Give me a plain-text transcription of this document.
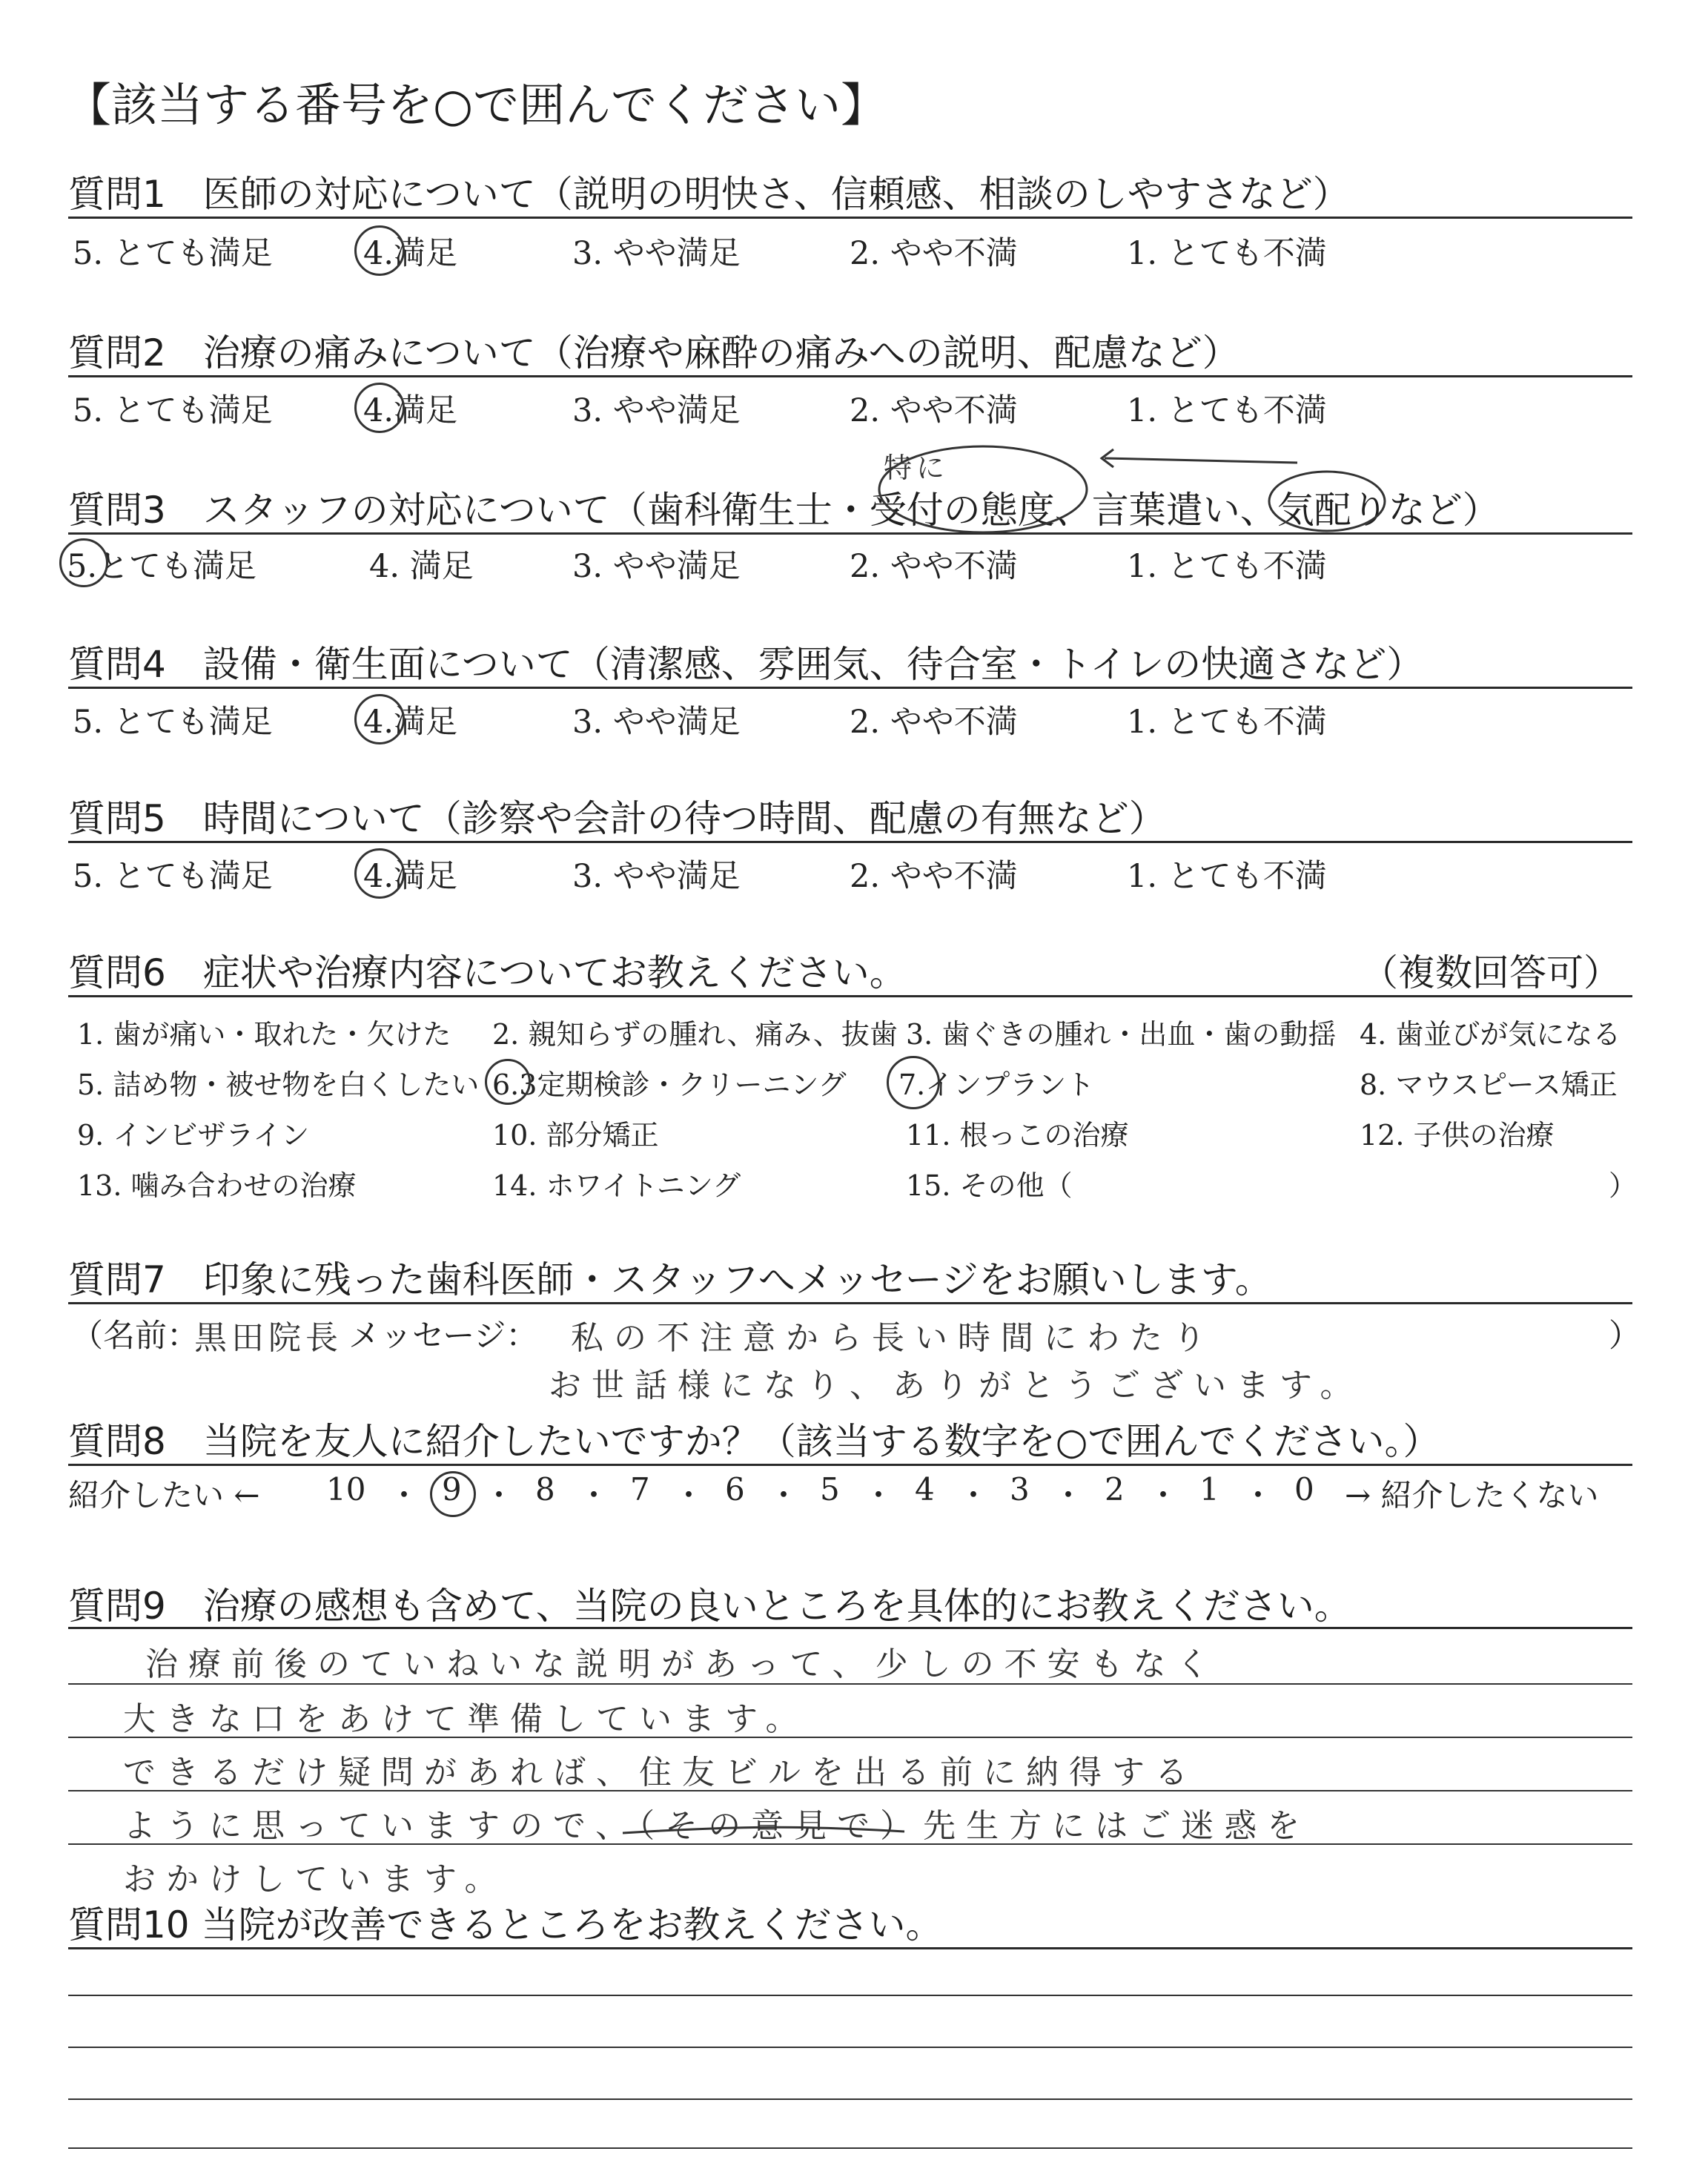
【該当する番号を○で囲んでください】
質問1　医師の対応について（説明の明快さ、信頼感、相談のしやすさなど）
5. とても満足	4.満足	3. やや満足	2. やや不満	1. とても不満
質問2　治療の痛みについて（治療や麻酔の痛みへの説明、配慮など）
5. とても満足	4.満足	3. やや満足	2. やや不満	1. とても不満
特に
質問3　スタッフの対応について（歯科衛生士・受付の態度、言葉遣い、気配りなど）
5.とても満足	4. 満足	3. やや満足	2. やや不満	1. とても不満
質問4　設備・衛生面について（清潔感、雰囲気、待合室・トイレの快適さなど）
5. とても満足	4.満足	3. やや満足	2. やや不満	1. とても不満
質問5　時間について（診察や会計の待つ時間、配慮の有無など）
5. とても満足	4.満足	3. やや満足	2. やや不満	1. とても不満
質問6　症状や治療内容についてお教えください。	（複数回答可）
1. 歯が痛い・取れた・欠けた 2. 親知らずの腫れ、痛み、抜歯 3. 歯ぐきの腫れ・出血・歯の動揺 4. 歯並びが気になる
5. 詰め物・被せ物を白くしたい 6.3定期検診・クリーニング 7.インプラント	8. マウスピース矯正
9. インビザライン	10. 部分矯正	11. 根っこの治療	12. 子供の治療
13. 噛み合わせの治療	14. ホワイトニング	15. その他（	）
質問7　印象に残った歯科医師・スタッフへメッセージをお願いします。
（名前：
黒田院長 メッセージ： 私の不注意から長い時間にわたり
お世話様になり、ありがとうございます。
）
質問8　当院を友人に紹介したいですか？（該当する数字を○で囲んでください。）
紹介したい ←	→ 紹介したくない
10 ・ 9 ・ 8 ・ 7 ・ 6 ・ 5 ・ 4 ・ 3 ・ 2 ・ 1 ・ 0
質問9　治療の感想も含めて、当院の良いところを具体的にお教えください。
治療前後のていねいな説明があって、少しの不安もなく
大きな口をあけて準備しています。
できるだけ疑問があれば、住友ビルを出る前に納得する
ように思っていますので、（その意見で）先生方にはご迷惑を
おかけしています。
質問10 当院が改善できるところをお教えください。
